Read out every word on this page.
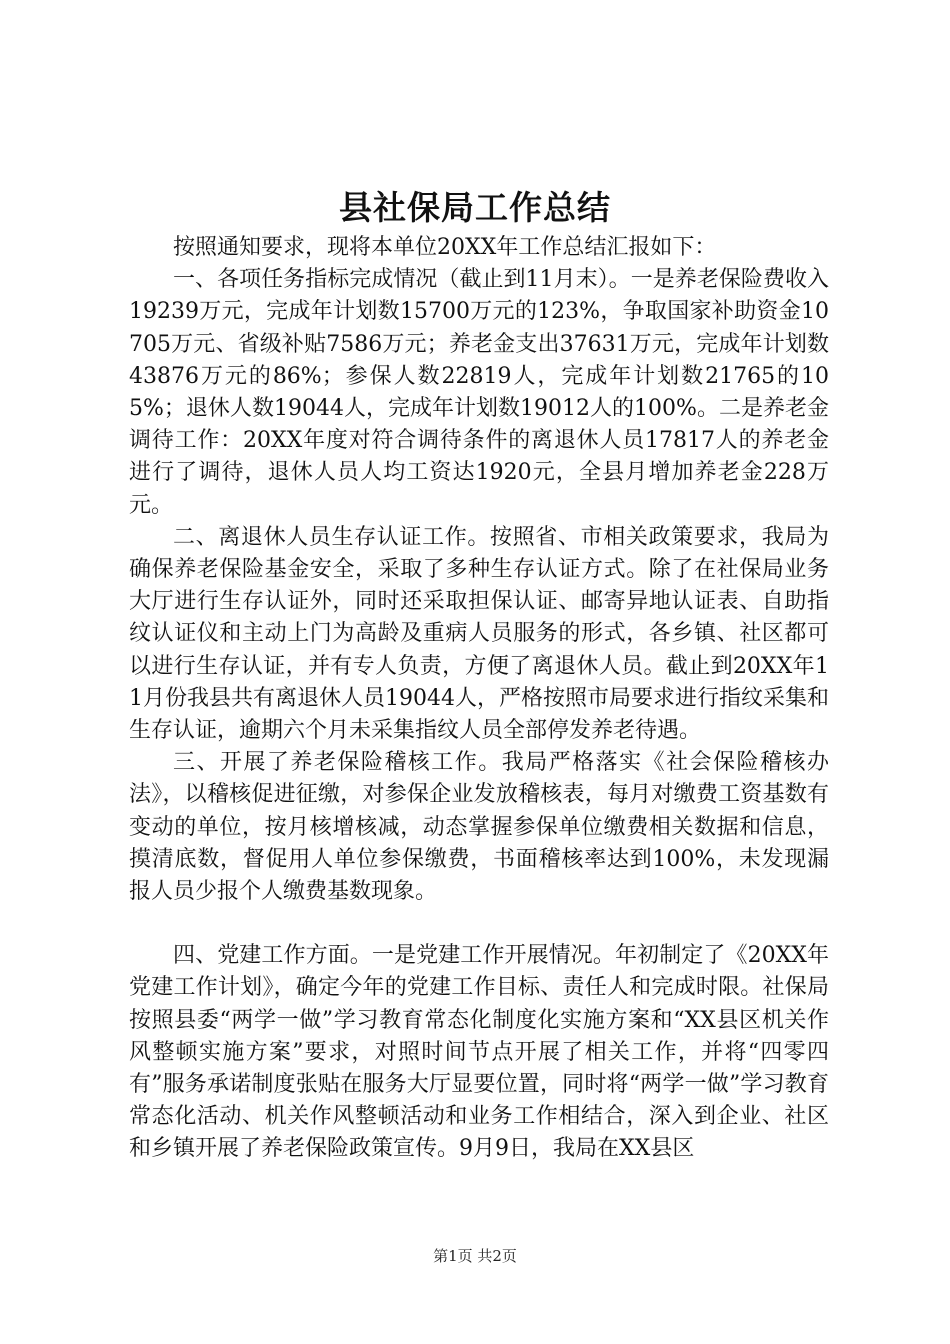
县社保局工作总结

按照通知要求，现将本单位20XX年工作总结汇报如下：

一、各项任务指标完成情况（截止到11月末）。一是养老保险费收入19239万元，完成年计划数15700万元的123%，争取国家补助资金10705万元、省级补贴7586万元；养老金支出37631万元，完成年计划数43876万元的86%；参保人数22819人，完成年计划数21765的105%；退休人数19044人，完成年计划数19012人的100%。二是养老金调待工作：20XX年度对符合调待条件的离退休人员17817人的养老金进行了调待，退休人员人均工资达1920元，全县月增加养老金228万元。

二、离退休人员生存认证工作。按照省、市相关政策要求，我局为确保养老保险基金安全，采取了多种生存认证方式。除了在社保局业务大厅进行生存认证外，同时还采取担保认证、邮寄异地认证表、自助指纹认证仪和主动上门为高龄及重病人员服务的形式，各乡镇、社区都可以进行生存认证，并有专人负责，方便了离退休人员。截止到20XX年11月份我县共有离退休人员19044人，严格按照市局要求进行指纹采集和生存认证，逾期六个月未采集指纹人员全部停发养老待遇。

三、开展了养老保险稽核工作。我局严格落实《社会保险稽核办法》，以稽核促进征缴，对参保企业发放稽核表，每月对缴费工资基数有变动的单位，按月核增核减，动态掌握参保单位缴费相关数据和信息，摸清底数，督促用人单位参保缴费，书面稽核率达到100%，未发现漏报人员少报个人缴费基数现象。

四、党建工作方面。一是党建工作开展情况。年初制定了《20XX年党建工作计划》，确定今年的党建工作目标、责任人和完成时限。社保局按照县委“两学一做”学习教育常态化制度化实施方案和“XX县区机关作风整顿实施方案”要求，对照时间节点开展了相关工作，并将“四零四有”服务承诺制度张贴在服务大厅显要位置，同时将“两学一做”学习教育常态化活动、机关作风整顿活动和业务工作相结合，深入到企业、社区和乡镇开展了养老保险政策宣传。9月9日，我局在XX县区

第1页 共2页
